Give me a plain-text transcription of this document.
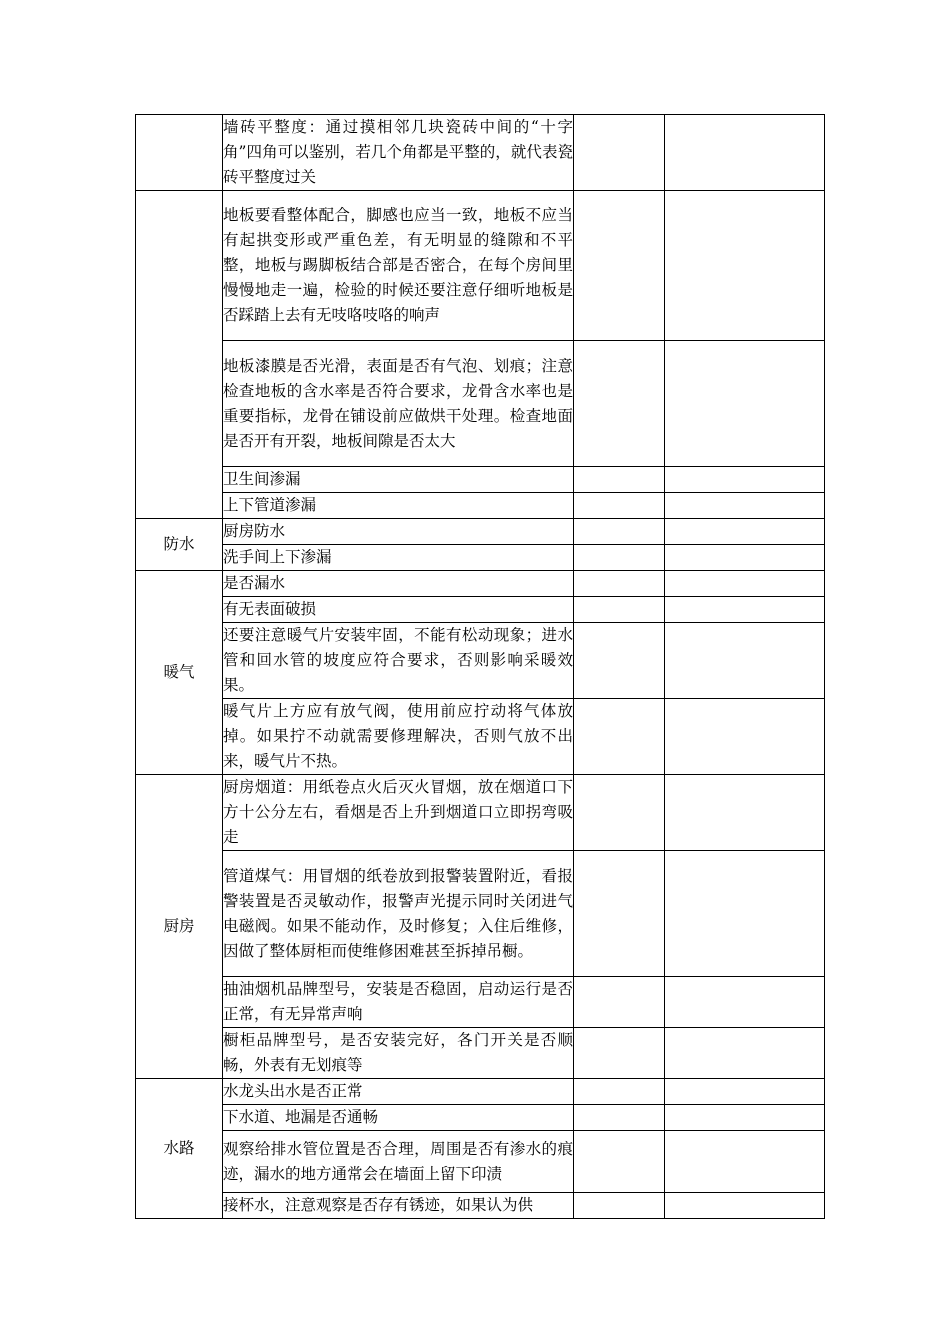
	墙砖平整度：通过摸相邻几块瓷砖中间的“十字角”四角可以鉴别，若几个角都是平整的，就代表瓷砖平整度过关		
	地板要看整体配合，脚感也应当一致，地板不应当有起拱变形或严重色差，有无明显的缝隙和不平整，地板与踢脚板结合部是否密合，在每个房间里慢慢地走一遍，检验的时候还要注意仔细听地板是否踩踏上去有无吱咯吱咯的响声		
	地板漆膜是否光滑，表面是否有气泡、划痕；注意检查地板的含水率是否符合要求，龙骨含水率也是重要指标，龙骨在铺设前应做烘干处理。检查地面是否开有开裂，地板间隙是否太大		
	卫生间渗漏		
	上下管道渗漏		
防水	厨房防水		
	洗手间上下渗漏		
暖气	是否漏水		
	有无表面破损		
	还要注意暖气片安装牢固，不能有松动现象；进水管和回水管的坡度应符合要求，否则影响采暖效果。		
	暖气片上方应有放气阀，使用前应拧动将气体放掉。如果拧不动就需要修理解决，否则气放不出来，暖气片不热。		
厨房	厨房烟道：用纸卷点火后灭火冒烟，放在烟道口下方十公分左右，看烟是否上升到烟道口立即拐弯吸走		
	管道煤气：用冒烟的纸卷放到报警装置附近，看报警装置是否灵敏动作，报警声光提示同时关闭进气电磁阀。如果不能动作，及时修复；入住后维修，因做了整体厨柜而使维修困难甚至拆掉吊橱。		
	抽油烟机品牌型号，安装是否稳固，启动运行是否正常，有无异常声响		
	橱柜品牌型号，是否安装完好，各门开关是否顺畅，外表有无划痕等		
水路	水龙头出水是否正常		
	下水道、地漏是否通畅		
	观察给排水管位置是否合理，周围是否有渗水的痕迹，漏水的地方通常会在墙面上留下印渍		
	接杯水，注意观察是否存有锈迹，如果认为供		
